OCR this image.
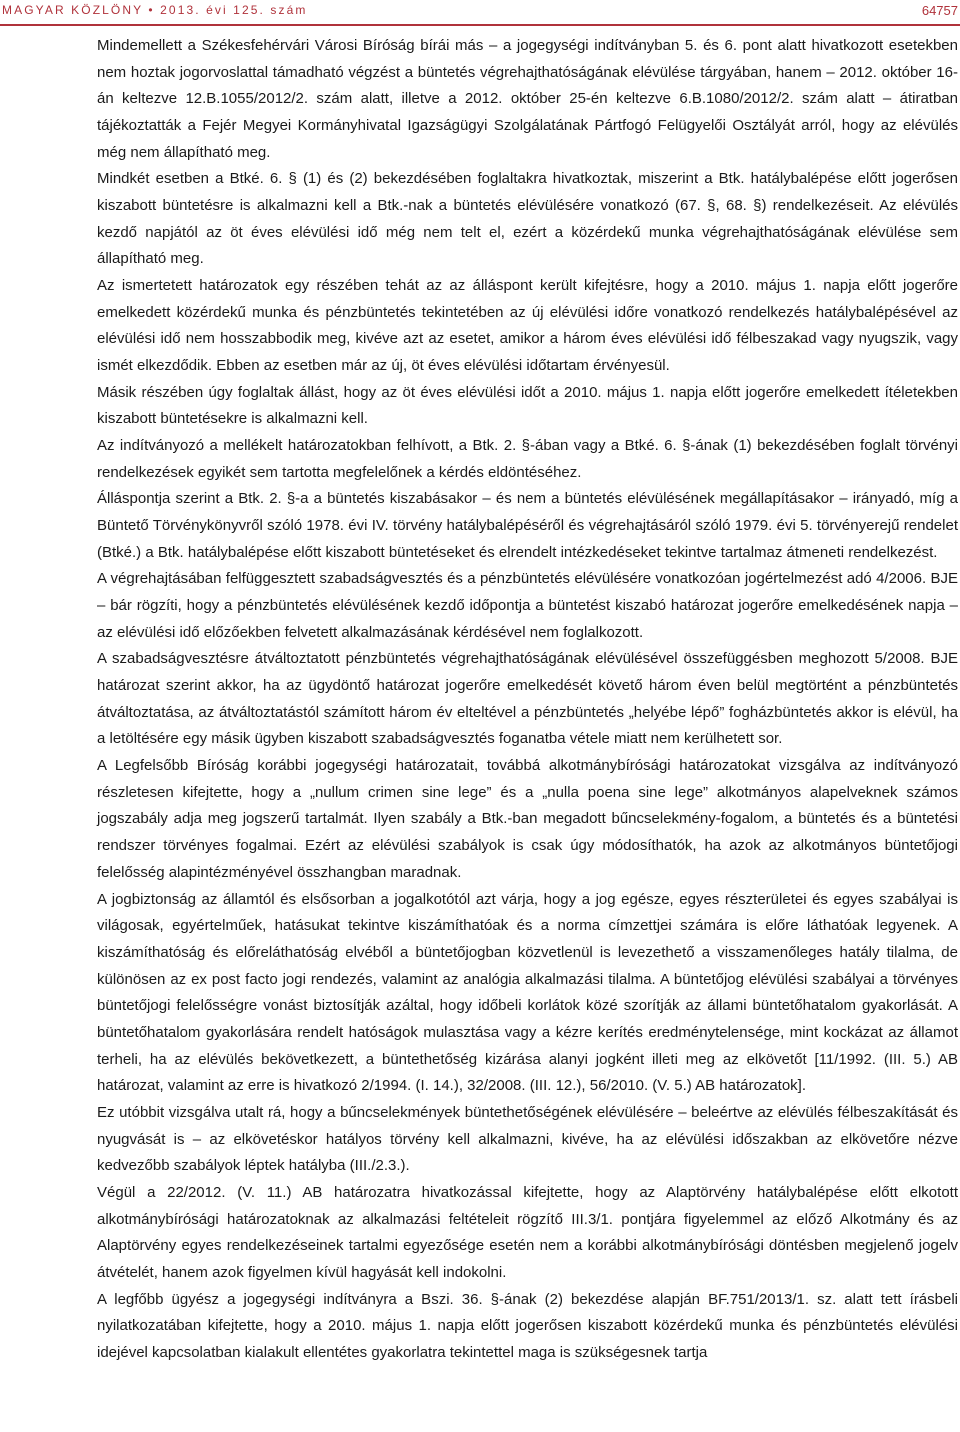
MAGYAR KÖZLÖNY • 2013. évi 125. szám	64757

Mindemellett a Székesfehérvári Városi Bíróság bírái más – a jogegységi indítványban 5. és 6. pont alatt hivatkozott esetekben nem hoztak jogorvoslattal támadható végzést a büntetés végrehajthatóságának elévülése tárgyában, hanem – 2012. október 16-án keltezve 12.B.1055/2012/2. szám alatt, illetve a 2012. október 25-én keltezve 6.B.1080/2012/2. szám alatt – átiratban tájékoztatták a Fejér Megyei Kormányhivatal Igazságügyi Szolgálatának Pártfogó Felügyelői Osztályát arról, hogy az elévülés még nem állapítható meg.

Mindkét esetben a Btké. 6. § (1) és (2) bekezdésében foglaltakra hivatkoztak, miszerint a Btk. hatálybalépése előtt jogerősen kiszabott büntetésre is alkalmazni kell a Btk.-nak a büntetés elévülésére vonatkozó (67. §, 68. §) rendelkezéseit. Az elévülés kezdő napjától az öt éves elévülési idő még nem telt el, ezért a közérdekű munka végrehajthatóságának elévülése sem állapítható meg.

Az ismertetett határozatok egy részében tehát az az álláspont került kifejtésre, hogy a 2010. május 1. napja előtt jogerőre emelkedett közérdekű munka és pénzbüntetés tekintetében az új elévülési időre vonatkozó rendelkezés hatálybalépésével az elévülési idő nem hosszabbodik meg, kivéve azt az esetet, amikor a három éves elévülési idő félbeszakad vagy nyugszik, vagy ismét elkezdődik. Ebben az esetben már az új, öt éves elévülési időtartam érvényesül.

Másik részében úgy foglaltak állást, hogy az öt éves elévülési időt a 2010. május 1. napja előtt jogerőre emelkedett ítéletekben kiszabott büntetésekre is alkalmazni kell.

Az indítványozó a mellékelt határozatokban felhívott, a Btk. 2. §-ában vagy a Btké. 6. §-ának (1) bekezdésében foglalt törvényi rendelkezések egyikét sem tartotta megfelelőnek a kérdés eldöntéséhez.

Álláspontja szerint a Btk. 2. §-a a büntetés kiszabásakor – és nem a büntetés elévülésének megállapításakor – irányadó, míg a Büntető Törvénykönyvről szóló 1978. évi IV. törvény hatálybalépéséről és végrehajtásáról szóló 1979. évi 5. törvényerejű rendelet (Btké.) a Btk. hatálybalépése előtt kiszabott büntetéseket és elrendelt intézkedéseket tekintve tartalmaz átmeneti rendelkezést.

A végrehajtásában felfüggesztett szabadságvesztés és a pénzbüntetés elévülésére vonatkozóan jogértelmezést adó 4/2006. BJE – bár rögzíti, hogy a pénzbüntetés elévülésének kezdő időpontja a büntetést kiszabó határozat jogerőre emelkedésének napja – az elévülési idő előzőekben felvetett alkalmazásának kérdésével nem foglalkozott.

A szabadságvesztésre átváltoztatott pénzbüntetés végrehajthatóságának elévülésével összefüggésben meghozott 5/2008. BJE határozat szerint akkor, ha az ügydöntő határozat jogerőre emelkedését követő három éven belül megtörtént a pénzbüntetés átváltoztatása, az átváltoztatástól számított három év elteltével a pénzbüntetés „helyébe lépő” fogházbüntetés akkor is elévül, ha a letöltésére egy másik ügyben kiszabott szabadságvesztés foganatba vétele miatt nem kerülhetett sor.

A Legfelsőbb Bíróság korábbi jogegységi határozatait, továbbá alkotmánybírósági határozatokat vizsgálva az indítványozó részletesen kifejtette, hogy a „nullum crimen sine lege” és a „nulla poena sine lege” alkotmányos alapelveknek számos jogszabály adja meg jogszerű tartalmát. Ilyen szabály a Btk.-ban megadott bűncselekmény-fogalom, a büntetés és a büntetési rendszer törvényes fogalmai. Ezért az elévülési szabályok is csak úgy módosíthatók, ha azok az alkotmányos büntetőjogi felelősség alapintézményével összhangban maradnak.

A jogbiztonság az államtól és elsősorban a jogalkotótól azt várja, hogy a jog egésze, egyes részterületei és egyes szabályai is világosak, egyértelműek, hatásukat tekintve kiszámíthatóak és a norma címzettjei számára is előre láthatóak legyenek. A kiszámíthatóság és előreláthatóság elvéből a büntetőjogban közvetlenül is levezethető a visszamenőleges hatály tilalma, de különösen az ex post facto jogi rendezés, valamint az analógia alkalmazási tilalma. A büntetőjog elévülési szabályai a törvényes büntetőjogi felelősségre vonást biztosítják azáltal, hogy időbeli korlátok közé szorítják az állami büntetőhatalom gyakorlását. A büntetőhatalom gyakorlására rendelt hatóságok mulasztása vagy a kézre kerítés eredménytelensége, mint kockázat az államot terheli, ha az elévülés bekövetkezett, a büntethetőség kizárása alanyi jogként illeti meg az elkövetőt [11/1992. (III. 5.) AB határozat, valamint az erre is hivatkozó 2/1994. (I. 14.), 32/2008. (III. 12.), 56/2010. (V. 5.) AB határozatok].

Ez utóbbit vizsgálva utalt rá, hogy a bűncselekmények büntethetőségének elévülésére – beleértve az elévülés félbeszakítását és nyugvását is – az elkövetéskor hatályos törvény kell alkalmazni, kivéve, ha az elévülési időszakban az elkövetőre nézve kedvezőbb szabályok léptek hatályba (III./2.3.).

Végül a 22/2012. (V. 11.) AB határozatra hivatkozással kifejtette, hogy az Alaptörvény hatálybalépése előtt elkotott alkotmánybírósági határozatoknak az alkalmazási feltételeit rögzítő III.3/1. pontjára figyelemmel az előző Alkotmány és az Alaptörvény egyes rendelkezéseinek tartalmi egyezősége esetén nem a korábbi alkotmánybírósági döntésben megjelenő jogelv átvételét, hanem azok figyelmen kívül hagyását kell indokolni.

A legfőbb ügyész a jogegységi indítványra a Bszi. 36. §-ának (2) bekezdése alapján BF.751/2013/1. sz. alatt tett írásbeli nyilatkozatában kifejtette, hogy a 2010. május 1. napja előtt jogerősen kiszabott közérdekű munka és pénzbüntetés elévülési idejével kapcsolatban kialakult ellentétes gyakorlatra tekintettel maga is szükségesnek tartja
